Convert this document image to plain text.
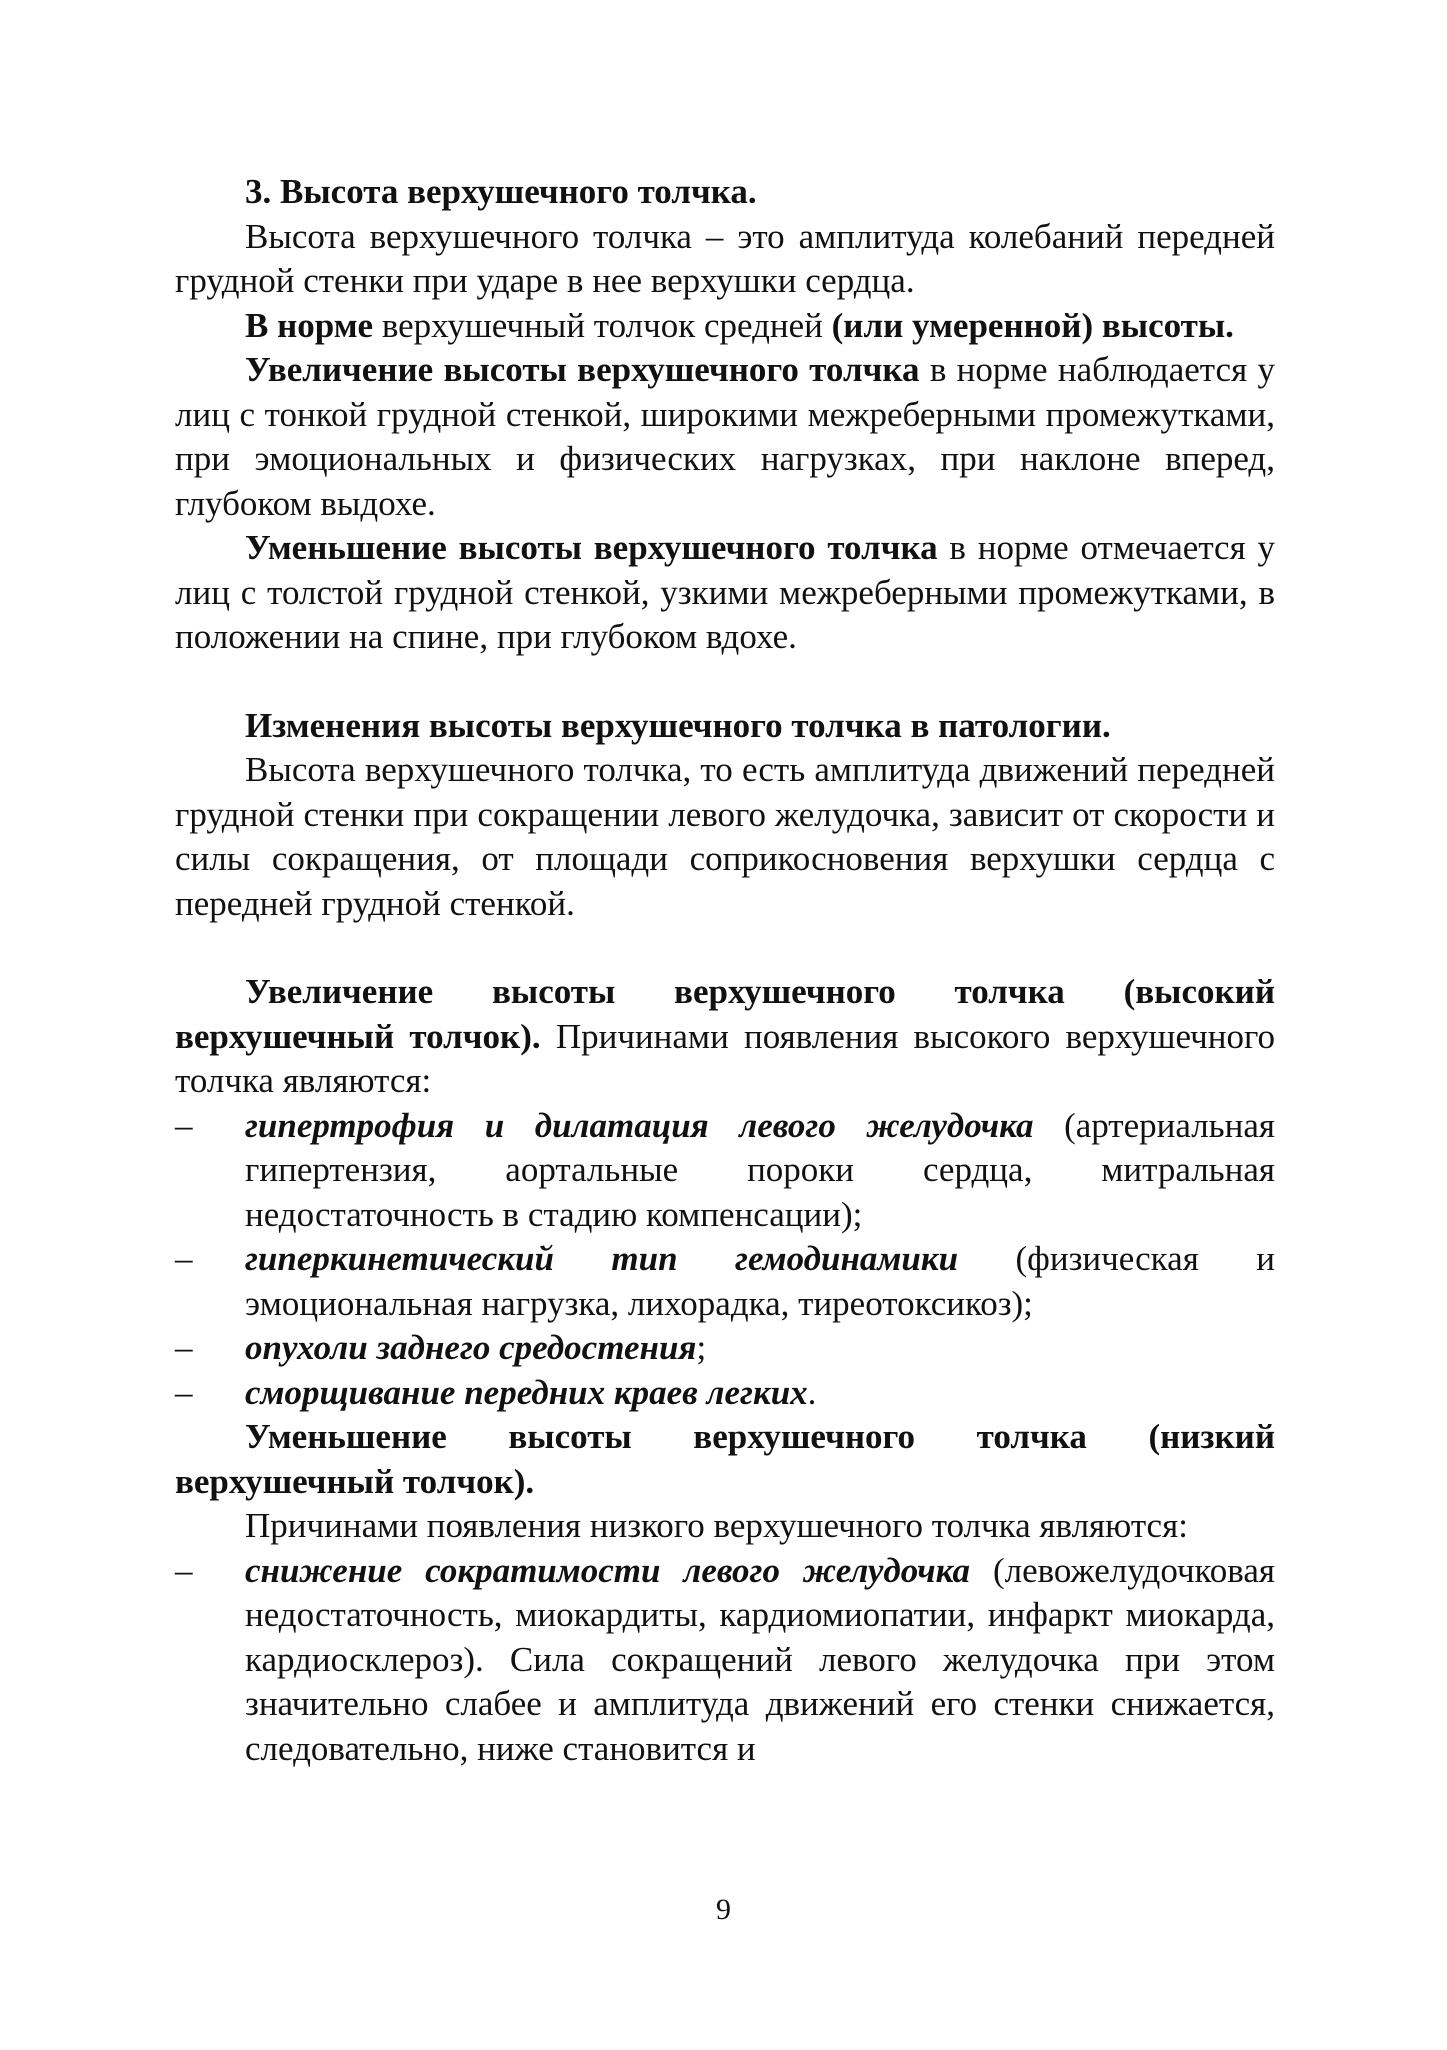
3. Высота верхушечного толчка.

Высота верхушечного толчка – это амплитуда колебаний передней грудной стенки при ударе в нее верхушки сердца.

В норме верхушечный толчок средней (или умеренной) высоты.

Увеличение высоты верхушечного толчка в норме наблюдается у лиц с тонкой грудной стенкой, широкими межреберными промежутками, при эмоциональных и физических нагрузках, при наклоне вперед, глубоком выдохе.

Уменьшение высоты верхушечного толчка в норме отмечается у лиц с толстой грудной стенкой, узкими межреберными промежутками, в положении на спине, при глубоком вдохе.

Изменения высоты верхушечного толчка в патологии.

Высота верхушечного толчка, то есть амплитуда движений передней грудной стенки при сокращении левого желудочка, зависит от скорости и силы сокращения, от площади соприкосновения верхушки сердца с передней грудной стенкой.

Увеличение высоты верхушечного толчка (высокий верхушечный толчок). Причинами появления высокого верхушечного толчка являются:

– гипертрофия и дилатация левого желудочка (артериальная гипертензия, аортальные пороки сердца, митральная недостаточность в стадию компенсации);
– гиперкинетический тип гемодинамики (физическая и эмоциональная нагрузка, лихорадка, тиреотоксикоз);
– опухоли заднего средостения;
– сморщивание передних краев легких.

Уменьшение высоты верхушечного толчка (низкий верхушечный толчок).

Причинами появления низкого верхушечного толчка являются:

– снижение сократимости левого желудочка (левожелудочковая недостаточность, миокардиты, кардиомиопатии, инфаркт миокарда, кардиосклероз). Сила сокращений левого желудочка при этом значительно слабее и амплитуда движений его стенки снижается, следовательно, ниже становится и
9
